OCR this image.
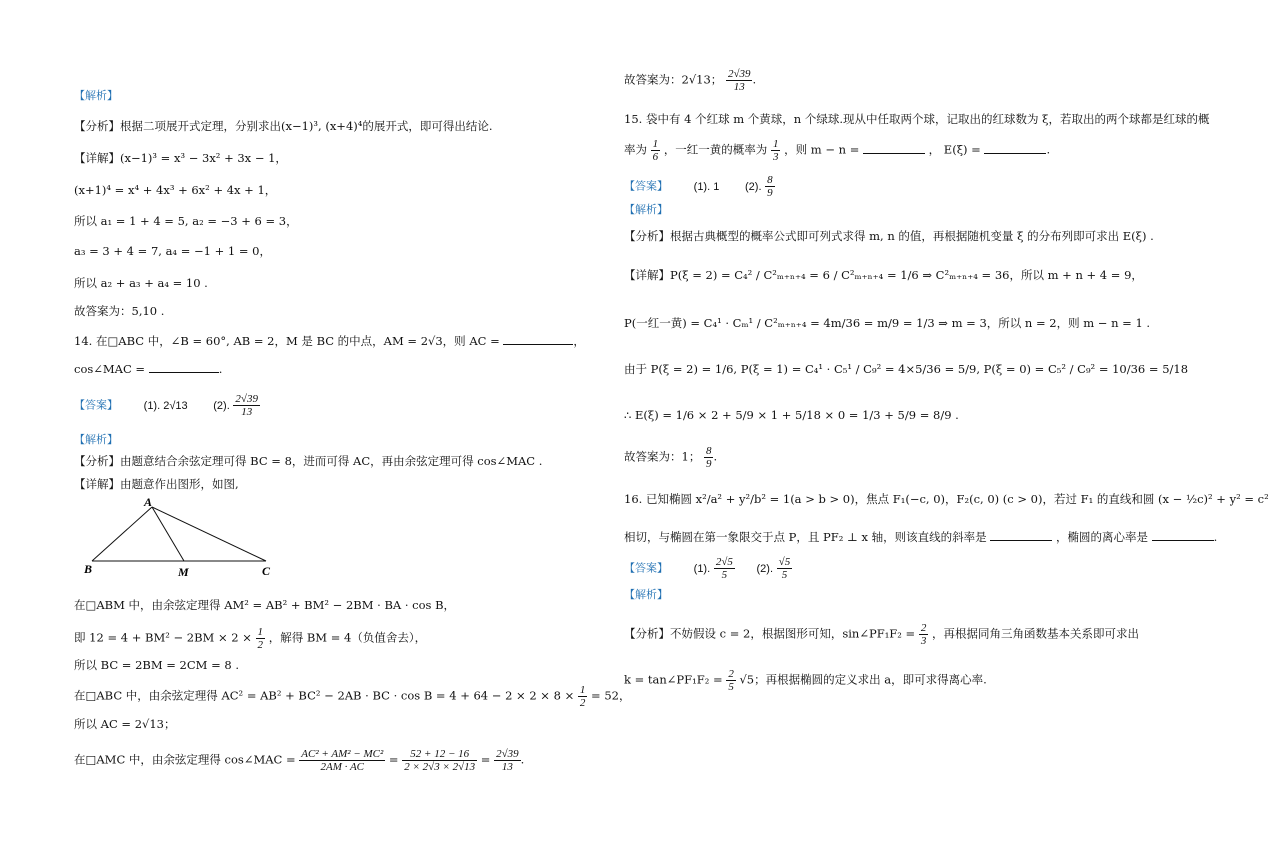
【解析】
【分析】根据二项展开式定理，分别求出(x−1)³, (x+4)⁴的展开式，即可得出结论.
【详解】(x−1)³ = x³ − 3x² + 3x − 1，
(x+1)⁴ = x⁴ + 4x³ + 6x² + 4x + 1，
所以 a₁ = 1 + 4 = 5, a₂ = −3 + 6 = 3，
a₃ = 3 + 4 = 7, a₄ = −1 + 1 = 0，
所以 a₂ + a₃ + a₄ = 10 .
故答案为：5,10 .
14. 在□ABC 中，∠B = 60°, AB = 2，M 是 BC 的中点，AM = 2√3，则 AC =	，
cos∠MAC =	.
【答案】 (1). 2√13 (2). $\frac{2√39}{13}$
【解析】
【分析】由题意结合余弦定理可得 BC = 8，进而可得 AC，再由余弦定理可得 cos∠MAC .
【详解】由题意作出图形，如图,
A
B	M	C
在□ABM 中，由余弦定理得 AM² = AB² + BM² − 2BM · BA · cos B，
即 $12 = 4 + BM^2 - 2BM \times 2 \times \frac{1}{2}$ ，解得 BM = 4（负值舍去），
所以 BC = 2BM = 2CM = 8 .
在□ABC 中，由余弦定理得 AC² = AB² + BC² − 2AB · BC · $\cos B = 4 + 64 - 2 \times 2 \times 8 \times \frac{1}{2} = 52$，
所以 AC = 2√13；
在□AMC 中，由余弦定理得 cos∠MAC = $\frac{\text{AC² + AM² − MC²}}{2AM \cdot AC} = \frac{52 + 12 - 16}{2 \times 2√3 \times 2√13} = \frac{2√39}{13}$ .
故答案为：2√13； $\frac{2√39}{13}$ .
15. 袋中有 4 个红球 m 个黄球，n 个绿球.现从中任取两个球，记取出的红球数为 ξ，若取出的两个球都是红球的概
率为 $\frac{1}{6}$ ，一红一黄的概率为 $\frac{1}{3}$ ，则 m − n =	， E(ξ) =	.
【答案】 (1). 1 (2). $\frac{8}{9}$
【解析】
【分析】根据古典概型的概率公式即可列式求得 m, n 的值，再根据随机变量 ξ 的分布列即可求出 E(ξ) .
【详解】P(ξ = 2) = C₄² / C²ₘ₊ₙ₊₄ = 6 / C²ₘ₊ₙ₊₄ = 1/6 ⇒ C²ₘ₊ₙ₊₄ = 36，所以 m + n + 4 = 9，
P(一红一黄) = C₄¹ · Cₘ¹ / C²ₘ₊ₙ₊₄ = 4m/36 = m/9 = 1/3 ⇒ m = 3，所以 n = 2，则 m − n = 1 .
由于 P(ξ = 2) = 1/6, P(ξ = 1) = C₄¹ · C₅¹ / C₉² = 4×5/36 = 5/9, P(ξ = 0) = C₅² / C₉² = 10/36 = 5/18
∴ E(ξ) = 1/6 × 2 + 5/9 × 1 + 5/18 × 0 = 1/3 + 5/9 = 8/9 .
故答案为：1； $\frac{8}{9}$ .
16. 已知椭圆 x²/a² + y²/b² = 1(a > b > 0)，焦点 F₁(−c, 0)，F₂(c, 0) (c > 0)，若过 F₁ 的直线和圆 (x − ½c)² + y² = c²
相切，与椭圆在第一象限交于点 P，且 PF₂ ⊥ x 轴，则该直线的斜率是	，椭圆的离心率是	.
【答案】 (1). $\frac{2√5}{5} (2)$. $\frac{√5}{5}$
【解析】
【分析】不妨假设 c = 2，根据图形可知，sin∠PF₁F₂ = $\frac{2}{3}$ ，再根据同角三角函数基本关系即可求出
k = tan∠PF₁F₂ = $\frac{2}{5} √5$；再根据椭圆的定义求出 a，即可求得离心率.
